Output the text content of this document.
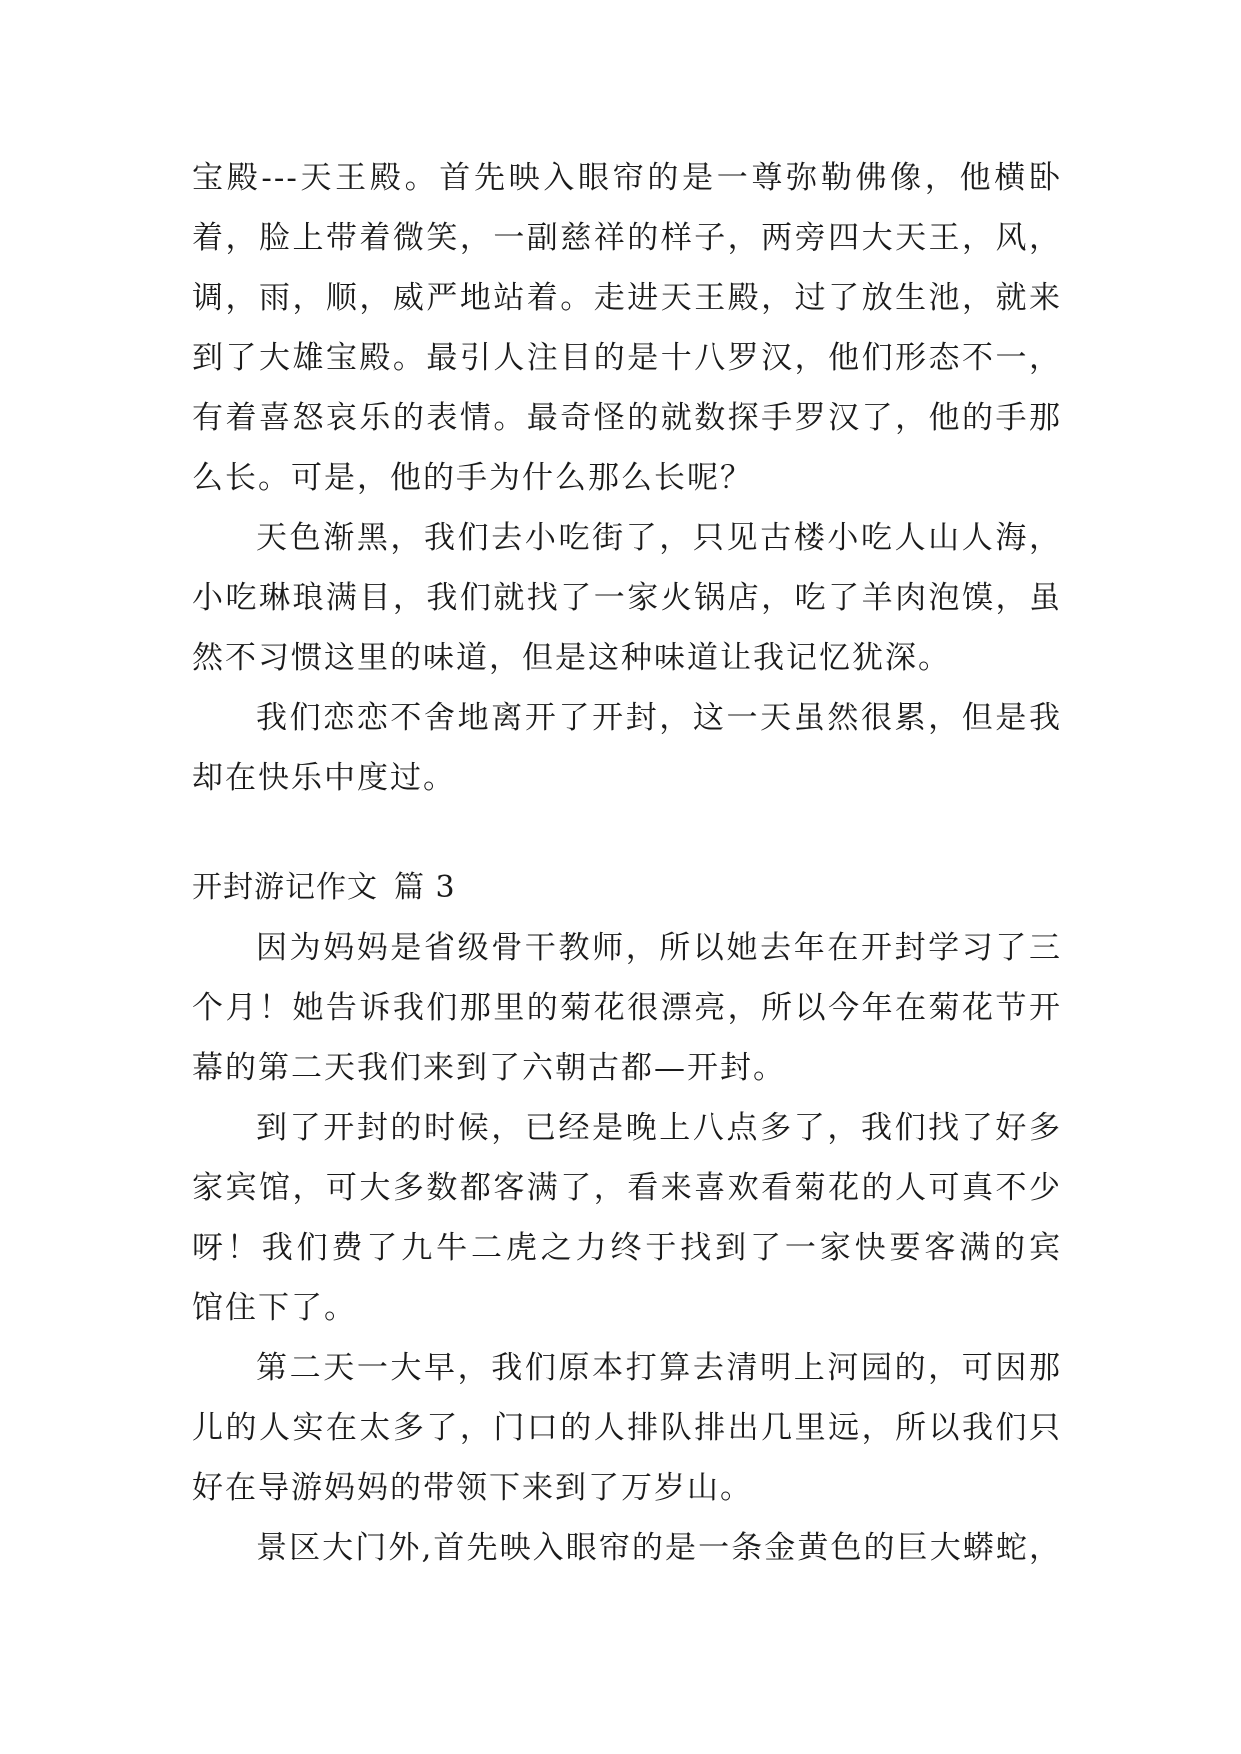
宝殿---天王殿。首先映入眼帘的是一尊弥勒佛像，他横卧
着，脸上带着微笑，一副慈祥的样子，两旁四大天王，风，
调，雨，顺，威严地站着。走进天王殿，过了放生池，就来
到了大雄宝殿。最引人注目的是十八罗汉，他们形态不一，
有着喜怒哀乐的表情。最奇怪的就数探手罗汉了，他的手那
么长。可是，他的手为什么那么长呢？
天色渐黑，我们去小吃街了，只见古楼小吃人山人海，
小吃琳琅满目，我们就找了一家火锅店，吃了羊肉泡馍，虽
然不习惯这里的味道，但是这种味道让我记忆犹深。
我们恋恋不舍地离开了开封，这一天虽然很累，但是我
却在快乐中度过。
开封游记作文 篇 3
因为妈妈是省级骨干教师，所以她去年在开封学习了三
个月！她告诉我们那里的菊花很漂亮，所以今年在菊花节开
幕的第二天我们来到了六朝古都—开封。
到了开封的时候，已经是晚上八点多了，我们找了好多
家宾馆，可大多数都客满了，看来喜欢看菊花的人可真不少
呀！我们费了九牛二虎之力终于找到了一家快要客满的宾
馆住下了。
第二天一大早，我们原本打算去清明上河园的，可因那
儿的人实在太多了，门口的人排队排出几里远，所以我们只
好在导游妈妈的带领下来到了万岁山。
景区大门外,首先映入眼帘的是一条金黄色的巨大蟒蛇，
